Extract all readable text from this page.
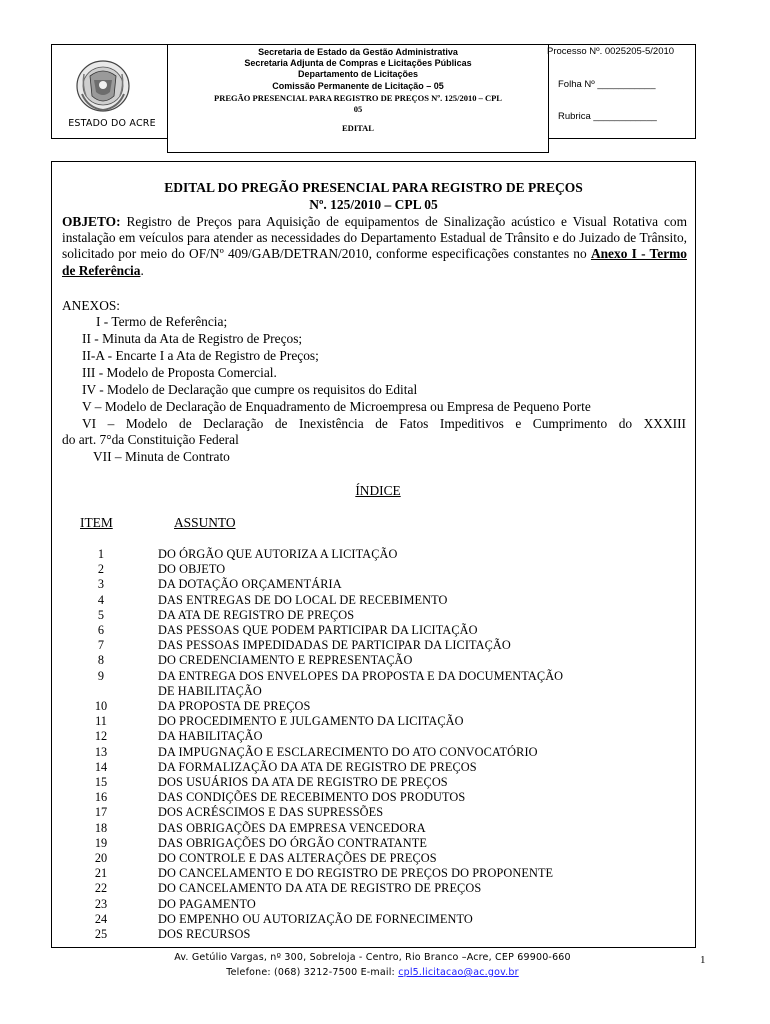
ESTADO DO ACRE
Secretaria de Estado da Gestão Administrativa
Secretaria Adjunta de Compras e Licitações Públicas
Departamento de Licitações
Comissão Permanente de Licitação – 05
PREGÃO PRESENCIAL PARA REGISTRO DE PREÇOS Nº. 125/2010 – CPL
05
EDITAL
Processo Nº. 0025205-5/2010
Folha Nº ___________
Rubrica ____________
EDITAL DO PREGÃO PRESENCIAL PARA REGISTRO DE PREÇOS
Nº. 125/2010 – CPL 05
OBJETO: Registro de Preços para Aquisição de equipamentos de Sinalização acústico e Visual Rotativa com instalação em veículos para atender as necessidades do Departamento Estadual de Trânsito e do Juizado de Trânsito, solicitado por meio do OF/Nº 409/GAB/DETRAN/2010, conforme especificações constantes no Anexo I - Termo de Referência.
ANEXOS:
I - Termo de Referência;
II - Minuta da Ata de Registro de Preços;
II-A - Encarte I a Ata de Registro de Preços;
III - Modelo de Proposta Comercial.
IV - Modelo de Declaração que cumpre os requisitos do Edital
V – Modelo de Declaração de Enquadramento de Microempresa ou Empresa de Pequeno Porte
VI – Modelo de Declaração de Inexistência de Fatos Impeditivos e Cumprimento do XXXIII
do art. 7°da Constituição Federal
VII – Minuta de Contrato
ÍNDICE
ITEM	ASSUNTO
1	DO ÓRGÃO QUE AUTORIZA A LICITAÇÃO
2	DO OBJETO
3	DA DOTAÇÃO ORÇAMENTÁRIA
4	DAS ENTREGAS DE DO LOCAL DE RECEBIMENTO
5	DA ATA DE REGISTRO DE PREÇOS
6	DAS PESSOAS QUE PODEM PARTICIPAR DA LICITAÇÃO
7	DAS PESSOAS IMPEDIDADAS DE PARTICIPAR DA LICITAÇÃO
8	DO CREDENCIAMENTO E REPRESENTAÇÃO
9	DA ENTREGA DOS ENVELOPES DA PROPOSTA E DA DOCUMENTAÇÃO
DE HABILITAÇÃO
10	DA PROPOSTA DE PREÇOS
11	DO PROCEDIMENTO E JULGAMENTO DA LICITAÇÃO
12	DA HABILITAÇÃO
13	DA IMPUGNAÇÃO E ESCLARECIMENTO DO ATO CONVOCATÓRIO
14	DA FORMALIZAÇÃO DA ATA DE REGISTRO DE PREÇOS
15	DOS USUÁRIOS DA ATA DE REGISTRO DE PREÇOS
16	DAS CONDIÇÕES DE RECEBIMENTO DOS PRODUTOS
17	DOS ACRÉSCIMOS E DAS SUPRESSÕES
18	DAS OBRIGAÇÕES DA EMPRESA VENCEDORA
19	DAS OBRIGAÇÕES DO ÓRGÃO CONTRATANTE
20	DO CONTROLE E DAS ALTERAÇÕES DE PREÇOS
21	DO CANCELAMENTO E DO REGISTRO DE PREÇOS DO PROPONENTE
22	DO CANCELAMENTO DA ATA DE REGISTRO DE PREÇOS
23	DO PAGAMENTO
24	DO EMPENHO OU AUTORIZAÇÃO DE FORNECIMENTO
25	DOS RECURSOS
Av. Getúlio Vargas, nº 300, Sobreloja - Centro, Rio Branco –Acre, CEP 69900-660
Telefone: (068) 3212-7500 E-mail: cpl5.licitacao@ac.gov.br
1
